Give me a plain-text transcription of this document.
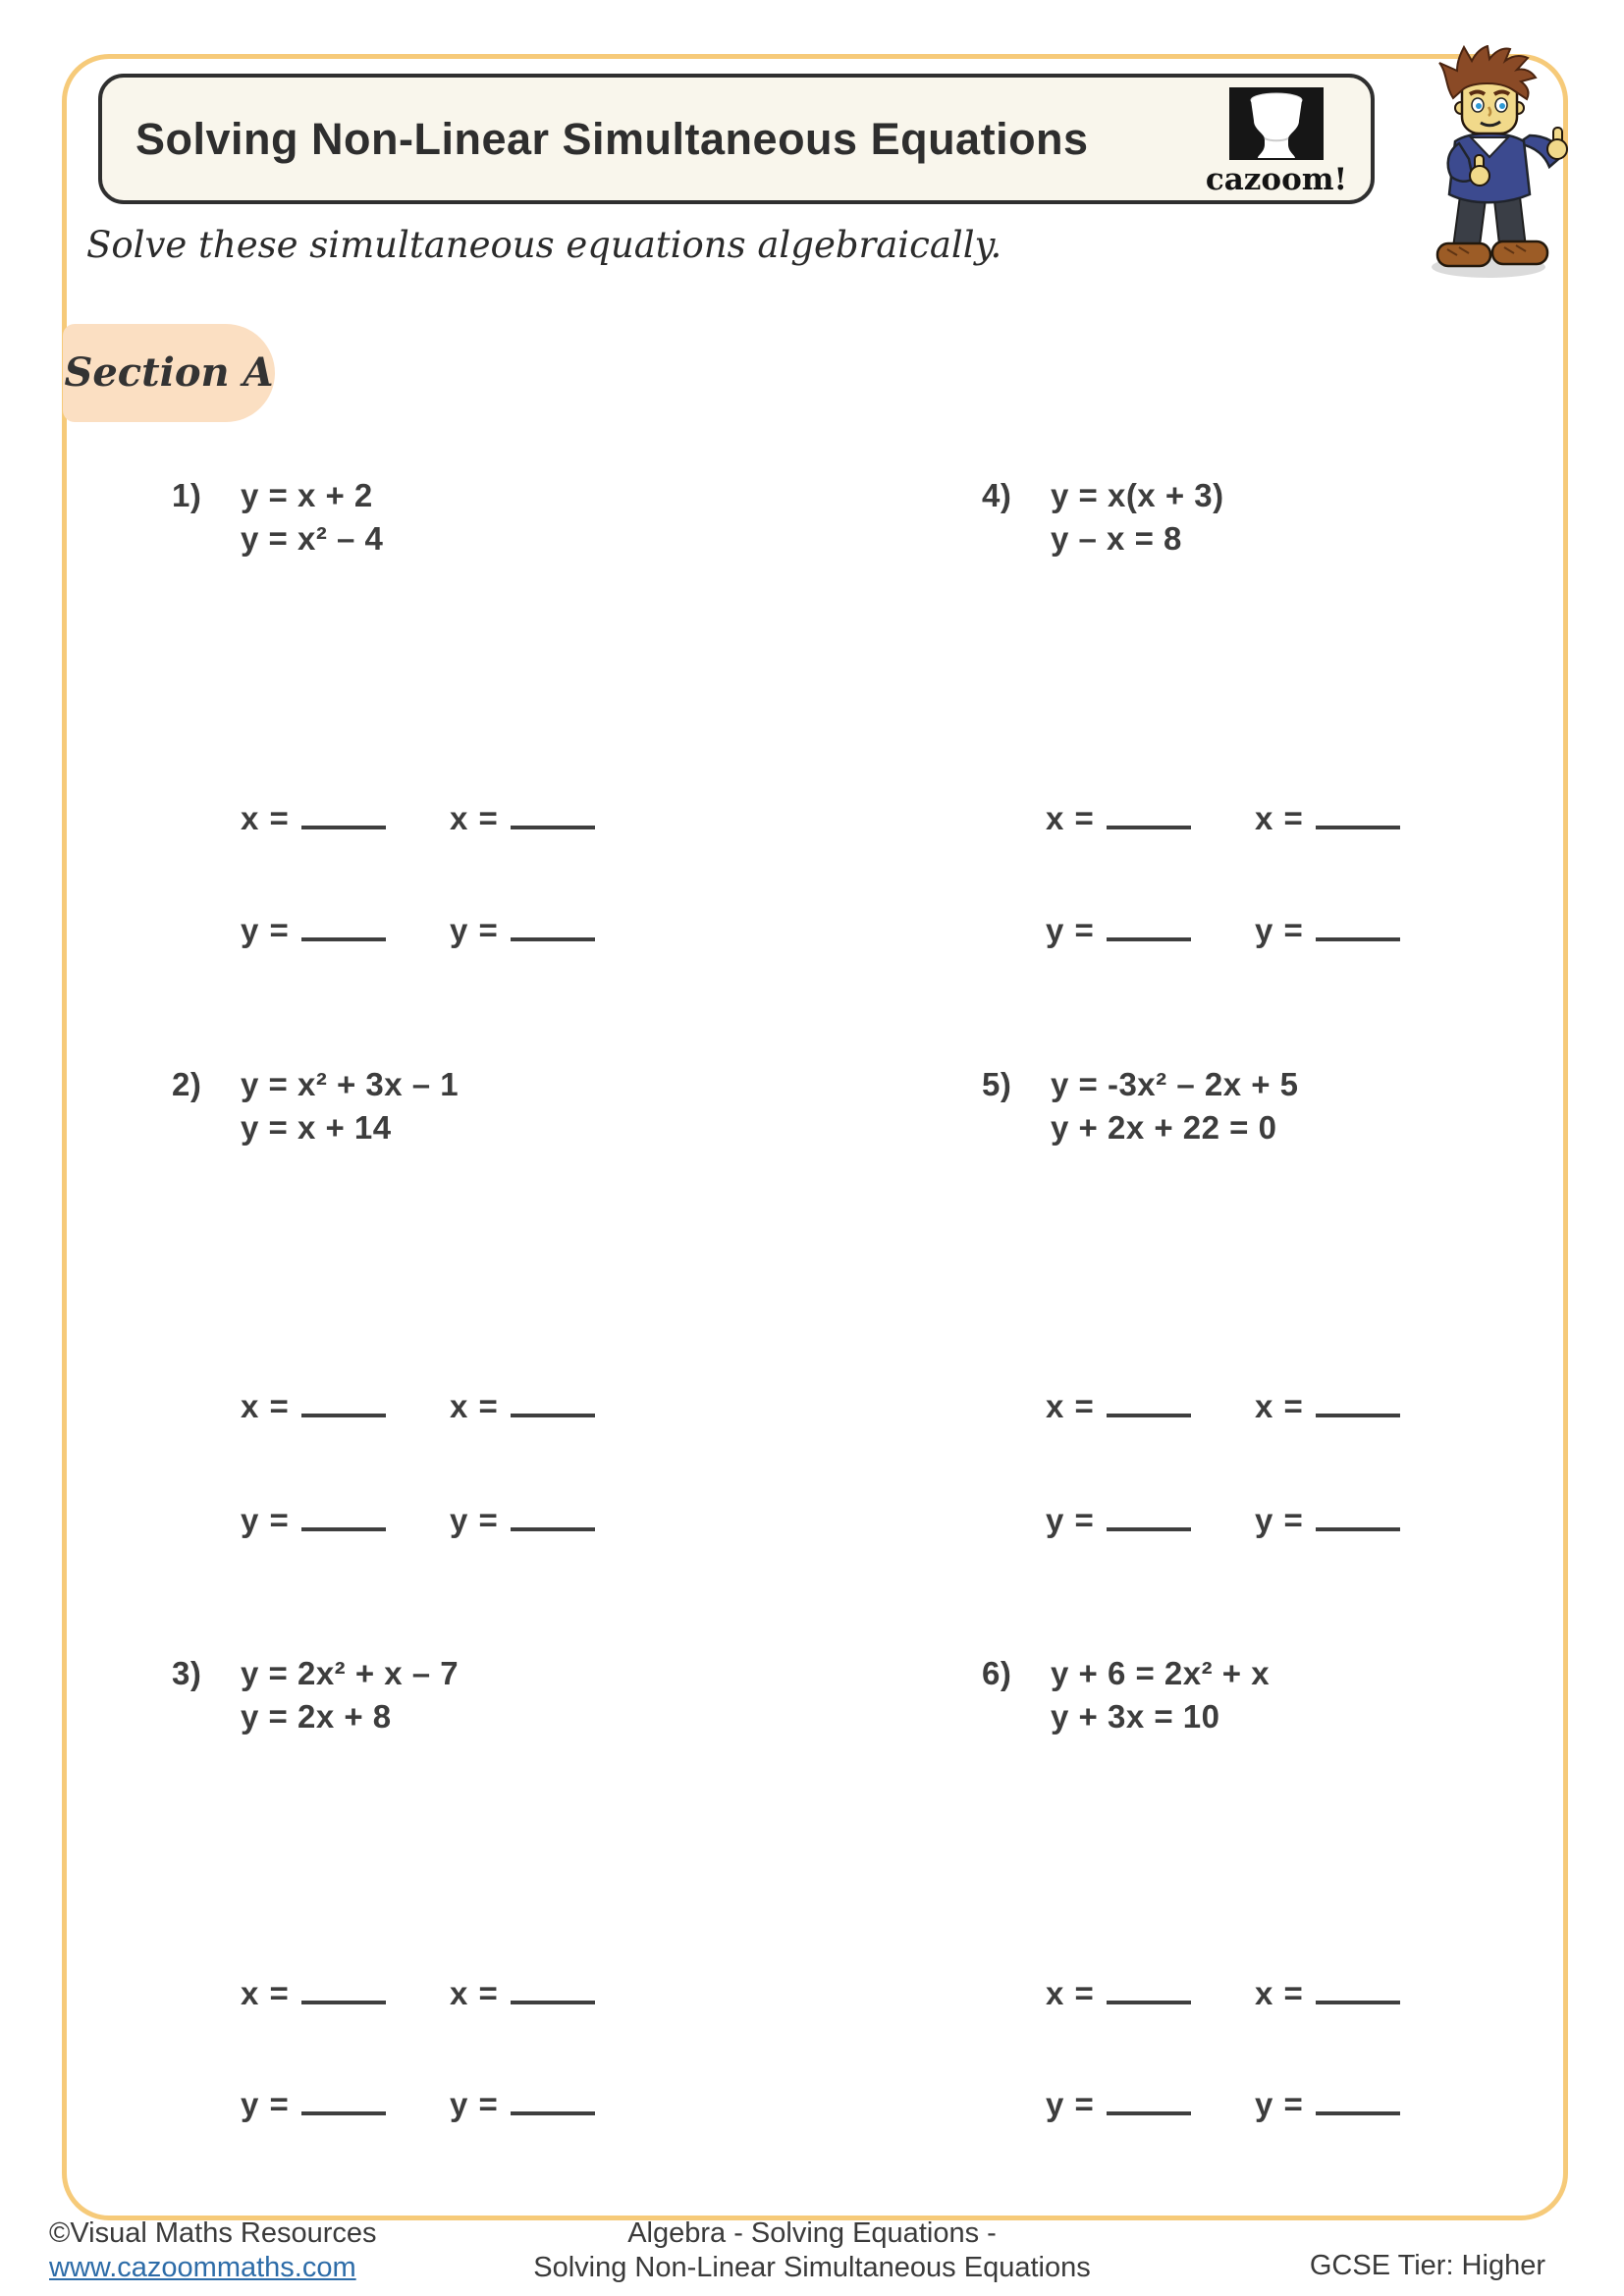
Solving Non-Linear Simultaneous Equations
cazoom!
Solve these simultaneous equations algebraically.
Section A
1)	y = x + 2
y = x² – 4
4)	y = x(x + 3)
y – x = 8
2)	y = x² + 3x – 1
y = x + 14
5)	y = -3x² – 2x + 5
y + 2x + 22 = 0
3)	y = 2x² + x – 7
y = 2x + 8
6)	y + 6 = 2x² + x
y + 3x = 10
x =	x =
y =	y =
x =	x =
y =	y =
x =	x =
y =	y =
x =	x =
y =	y =
x =	x =
y =	y =
x =	x =
y =	y =
©Visual Maths Resources
www.cazoommaths.com
Algebra - Solving Equations -
Solving Non-Linear Simultaneous Equations	GCSE Tier: Higher
